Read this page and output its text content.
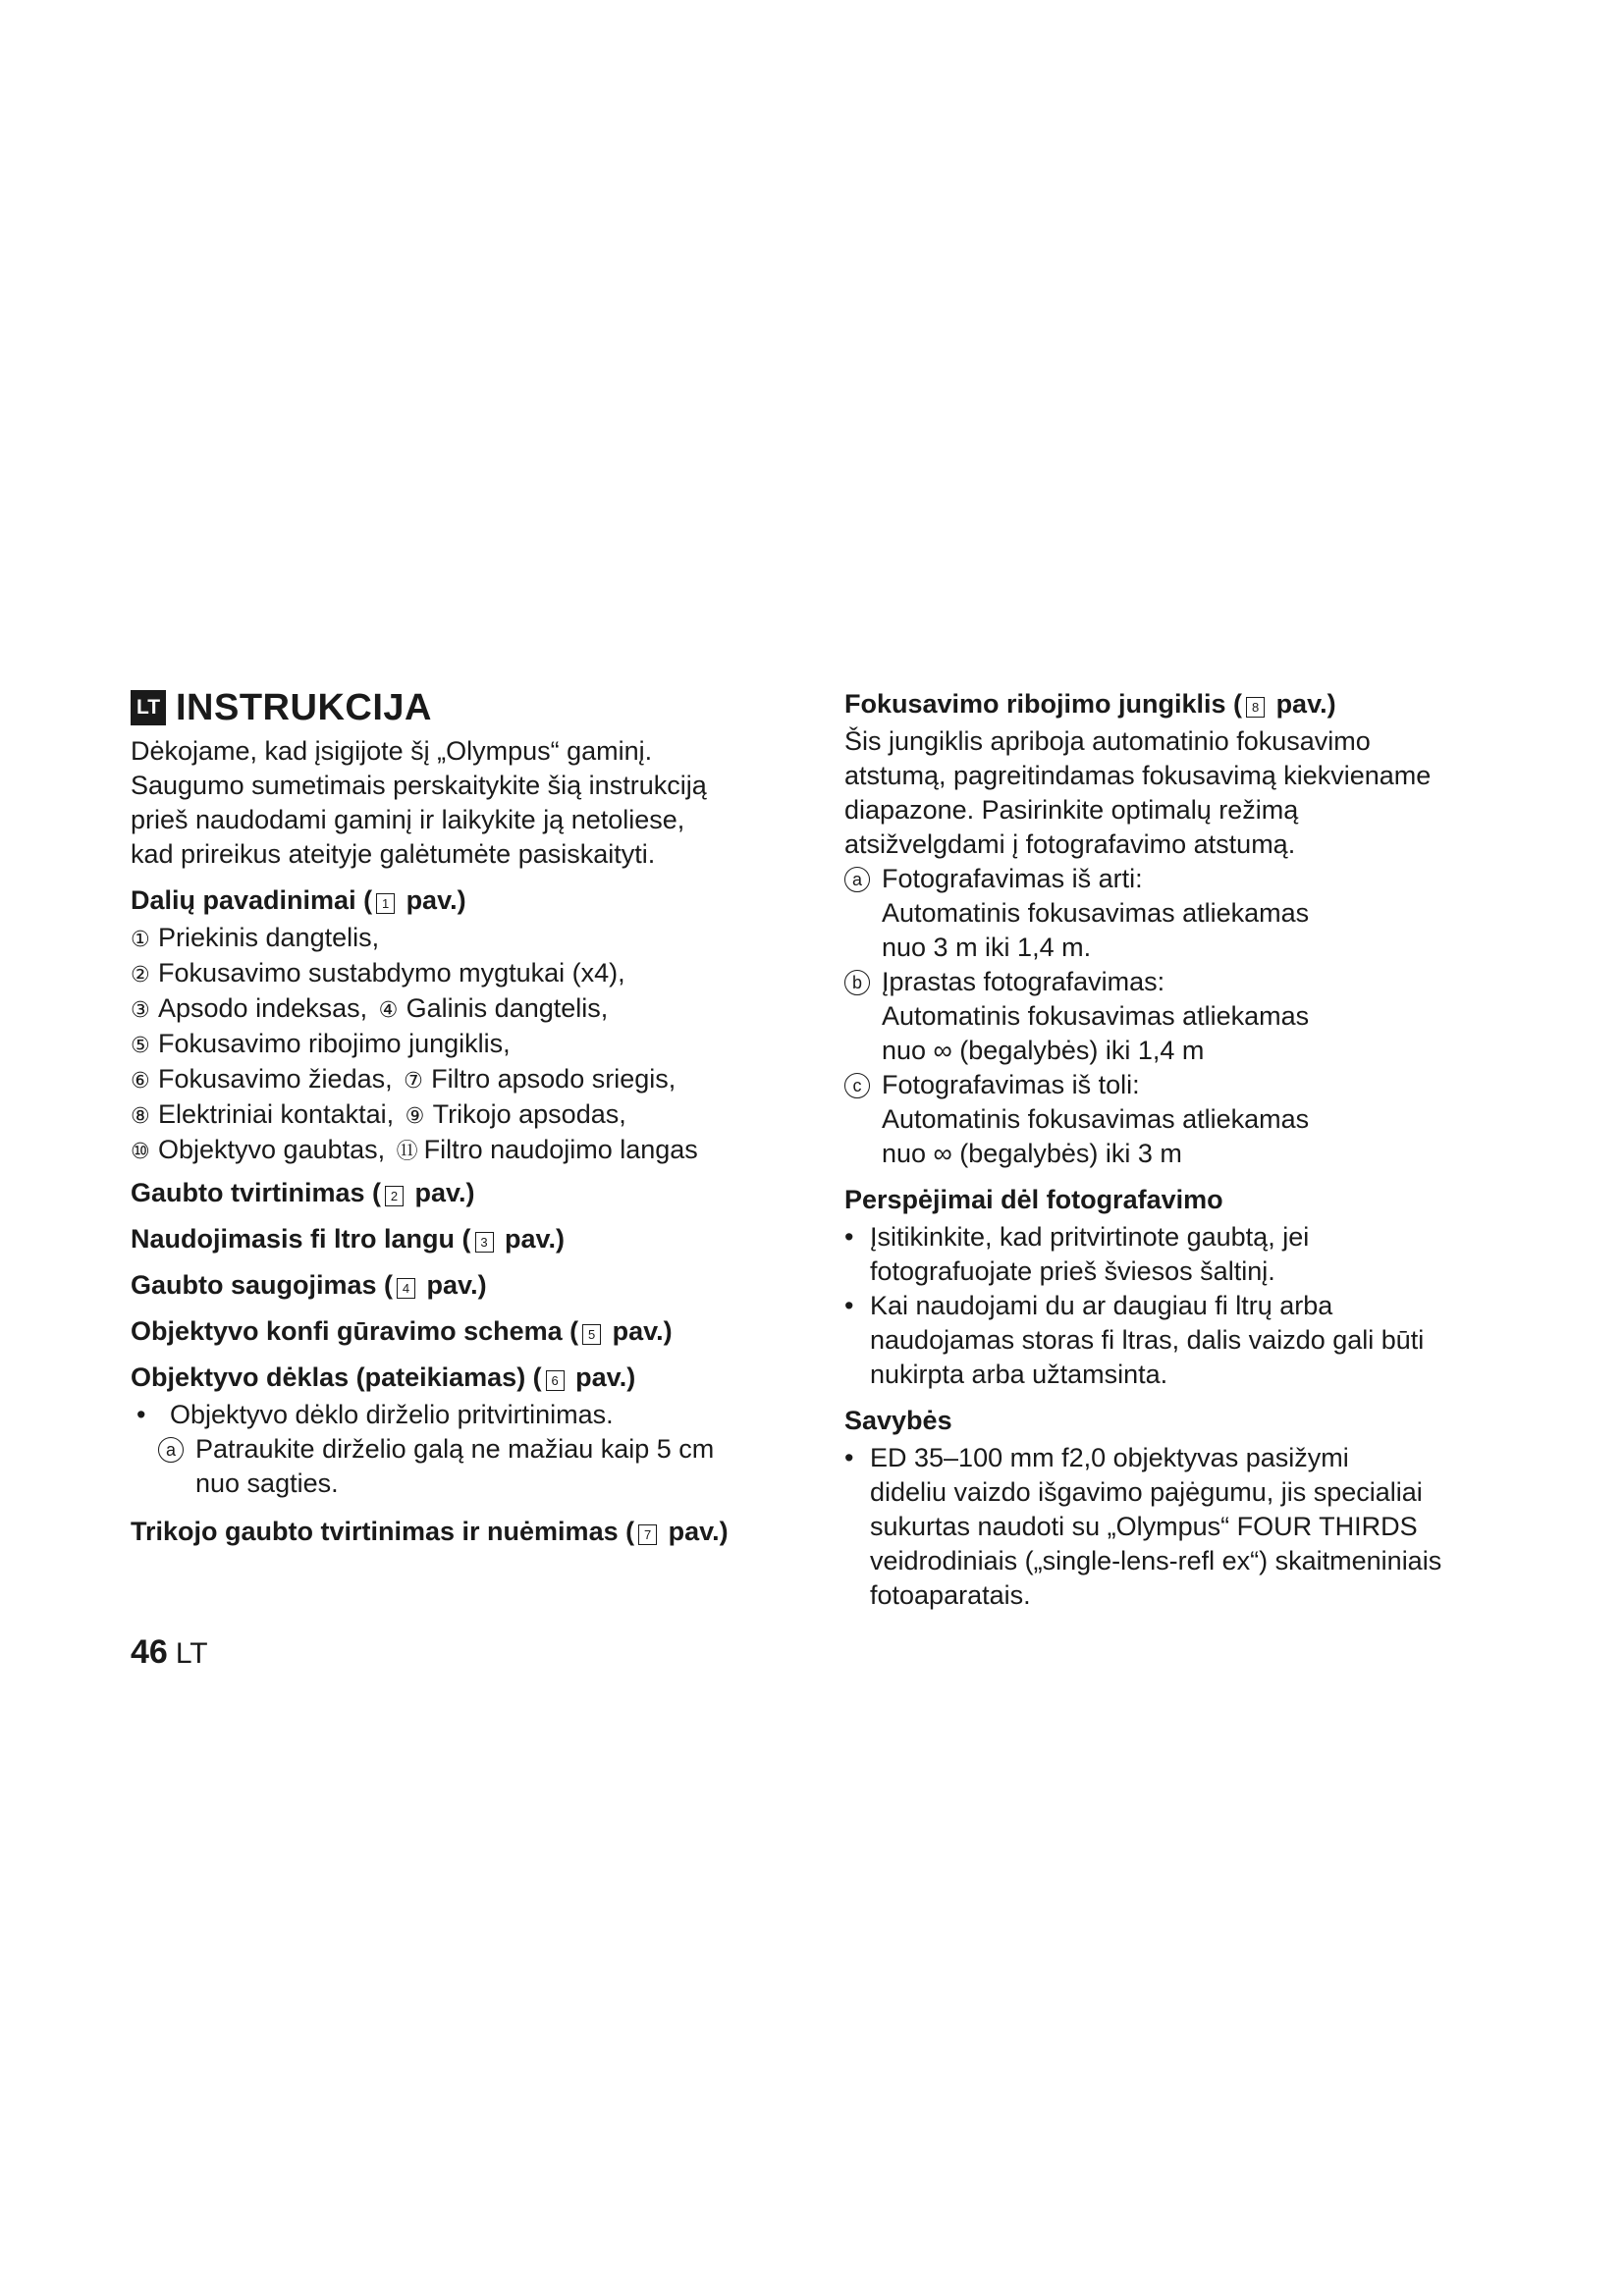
LT INSTRUKCIJA

Dėkojame, kad įsigijote šį „Olympus“ gaminį.

Saugumo sumetimais perskaitykite šią instrukciją

prieš naudodami gaminį ir laikykite ją netoliese,

kad prireikus ateityje galėtumėte pasiskaityti.

Dalių pavadinimai ( 1 pav.)

① Priekinis dangtelis,

② Fokusavimo sustabdymo mygtukai (x4),

③ Apsodo indeksas, ④ Galinis dangtelis,

⑤ Fokusavimo ribojimo jungiklis,

⑥ Fokusavimo žiedas, ⑦ Filtro apsodo sriegis,

⑧ Elektriniai kontaktai, ⑨ Trikojo apsodas,

⑩ Objektyvo gaubtas, ⑪ Filtro naudojimo langas

Gaubto tvirtinimas ( 2 pav.)
Naudojimasis fi ltro langu ( 3 pav.)
Gaubto saugojimas ( 4 pav.)
Objektyvo konfi gūravimo schema ( 5 pav.)
Objektyvo dėklas (pateikiamas) ( 6 pav.)

• Objektyvo dėklo dirželio pritvirtinimas.

a Patraukite dirželio galą ne mažiau kaip 5 cm

nuo sagties.

Trikojo gaubto tvirtinimas ir nuėmimas ( 7 pav.)
Fokusavimo ribojimo jungiklis ( 8 pav.)

Šis jungiklis apriboja automatinio fokusavimo

atstumą, pagreitindamas fokusavimą kiekviename

diapazone. Pasirinkite optimalų režimą

atsižvelgdami į fotografavimo atstumą.

a Fotografavimas iš arti:

Automatinis fokusavimas atliekamas

nuo 3 m iki 1,4 m.

b Įprastas fotografavimas:

Automatinis fokusavimas atliekamas

nuo ∞ (begalybės) iki 1,4 m

c Fotografavimas iš toli:

Automatinis fokusavimas atliekamas

nuo ∞ (begalybės) iki 3 m

Perspėjimai dėl fotografavimo

• Įsitikinkite, kad pritvirtinote gaubtą, jei

fotografuojate prieš šviesos šaltinį.

• Kai naudojami du ar daugiau fi ltrų arba

naudojamas storas fi ltras, dalis vaizdo gali būti

nukirpta arba užtamsinta.

Savybės

• ED 35–100 mm f2,0 objektyvas pasižymi

dideliu vaizdo išgavimo pajėgumu, jis specialiai

sukurtas naudoti su „Olympus“ FOUR THIRDS

veidrodiniais („single-lens-refl ex“) skaitmeniniais

fotoaparatais.

46 LT
